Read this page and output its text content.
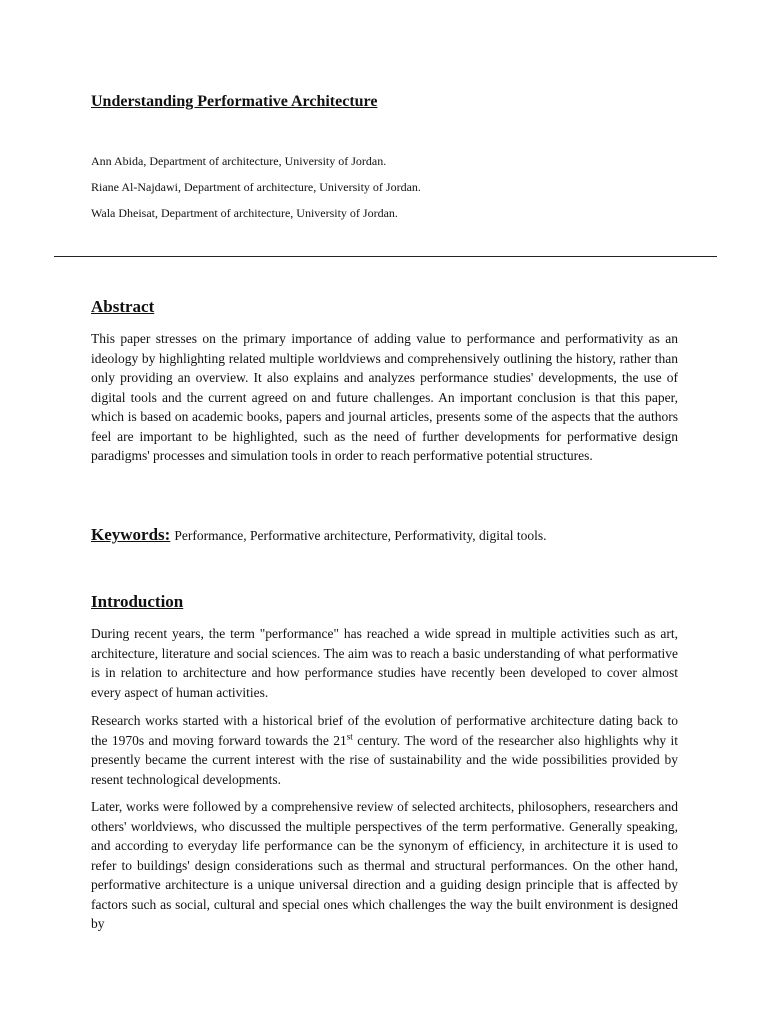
Understanding Performative Architecture
Ann Abida, Department of architecture, University of Jordan.
Riane Al-Najdawi, Department of architecture, University of Jordan.
Wala Dheisat, Department of architecture, University of Jordan.
Abstract
This paper stresses on the primary importance of adding value to performance and performativity as an ideology by highlighting related multiple worldviews and comprehensively outlining the history, rather than only providing an overview. It also explains and analyzes performance studies' developments, the use of digital tools and the current agreed on and future challenges. An important conclusion is that this paper, which is based on academic books, papers and journal articles, presents some of the aspects that the authors feel are important to be highlighted, such as the need of further developments for performative design paradigms' processes and simulation tools in order to reach performative potential structures.
Keywords: Performance, Performative architecture, Performativity, digital tools.
Introduction
During recent years, the term "performance" has reached a wide spread in multiple activities such as art, architecture, literature and social sciences. The aim was to reach a basic understanding of what performative is in relation to architecture and how performance studies have recently been developed to cover almost every aspect of human activities.
Research works started with a historical brief of the evolution of performative architecture dating back to the 1970s and moving forward towards the 21st century. The word of the researcher also highlights why it presently became the current interest with the rise of sustainability and the wide possibilities provided by resent technological developments.
Later, works were followed by a comprehensive review of selected architects, philosophers, researchers and others' worldviews, who discussed the multiple perspectives of the term performative. Generally speaking, and according to everyday life performance can be the synonym of efficiency, in architecture it is used to refer to buildings' design considerations such as thermal and structural performances. On the other hand, performative architecture is a unique universal direction and a guiding design principle that is affected by factors such as social, cultural and special ones which challenges the way the built environment is designed by
